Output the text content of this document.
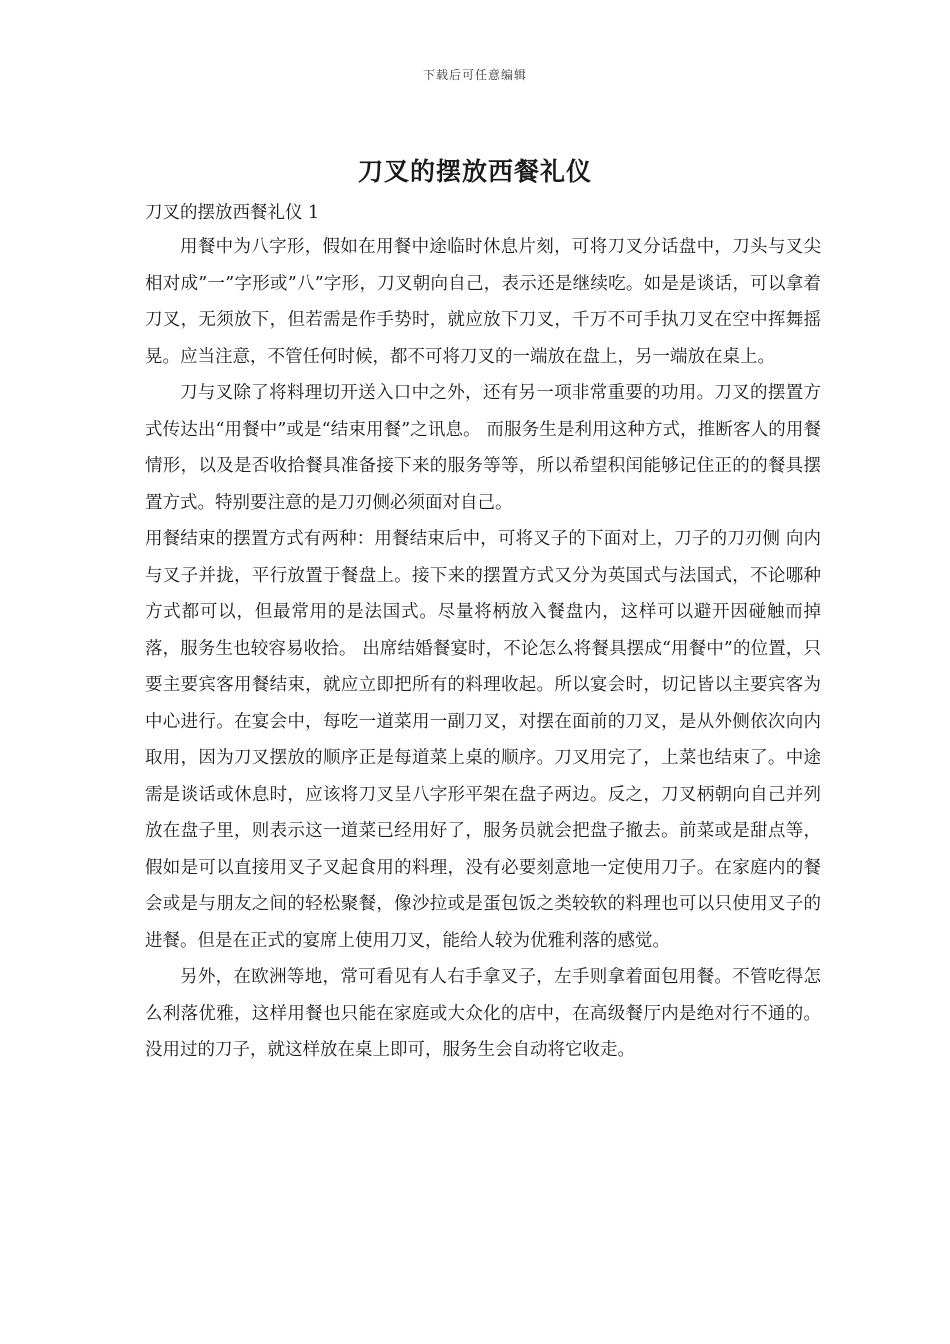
下载后可任意编辑
刀叉的摆放西餐礼仪

刀叉的摆放西餐礼仪 1

用餐中为八字形，假如在用餐中途临时休息片刻，可将刀叉分话盘中，刀头与叉尖相对成”一”字形或”八”字形，刀叉朝向自己，表示还是继续吃。如是是谈话，可以拿着刀叉，无须放下，但若需是作手势时，就应放下刀叉，千万不可手执刀叉在空中挥舞摇晃。应当注意，不管任何时候，都不可将刀叉的一端放在盘上，另一端放在桌上。

刀与叉除了将料理切开送入口中之外，还有另一项非常重要的功用。刀叉的摆置方式传达出“用餐中”或是“结束用餐”之讯息。 而服务生是利用这种方式，推断客人的用餐情形，以及是否收拾餐具准备接下来的服务等等，所以希望积闰能够记住正的的餐具摆置方式。特别要注意的是刀刃侧必须面对自己。

用餐结束的摆置方式有两种：用餐结束后中，可将叉子的下面对上，刀子的刀刃侧 向内与叉子并拢，平行放置于餐盘上。接下来的摆置方式又分为英国式与法国式，不论哪种方式都可以，但最常用的是法国式。尽量将柄放入餐盘内，这样可以避开因碰触而掉落，服务生也较容易收拾。 出席结婚餐宴时，不论怎么将餐具摆成“用餐中”的位置，只要主要宾客用餐结束，就应立即把所有的料理收起。所以宴会时，切记皆以主要宾客为中心进行。在宴会中，每吃一道菜用一副刀叉，对摆在面前的刀叉，是从外侧依次向内取用，因为刀叉摆放的顺序正是每道菜上桌的顺序。刀叉用完了，上菜也结束了。中途需是谈话或休息时，应该将刀叉呈八字形平架在盘子两边。反之，刀叉柄朝向自己并列放在盘子里，则表示这一道菜已经用好了，服务员就会把盘子撤去。前菜或是甜点等，假如是可以直接用叉子叉起食用的料理，没有必要刻意地一定使用刀子。在家庭内的餐会或是与朋友之间的轻松聚餐，像沙拉或是蛋包饭之类较软的料理也可以只使用叉子的进餐。但是在正式的宴席上使用刀叉，能给人较为优雅利落的感觉。

另外，在欧洲等地，常可看见有人右手拿叉子，左手则拿着面包用餐。不管吃得怎么利落优雅，这样用餐也只能在家庭或大众化的店中，在高级餐厅内是绝对行不通的。 没用过的刀子，就这样放在桌上即可，服务生会自动将它收走。
